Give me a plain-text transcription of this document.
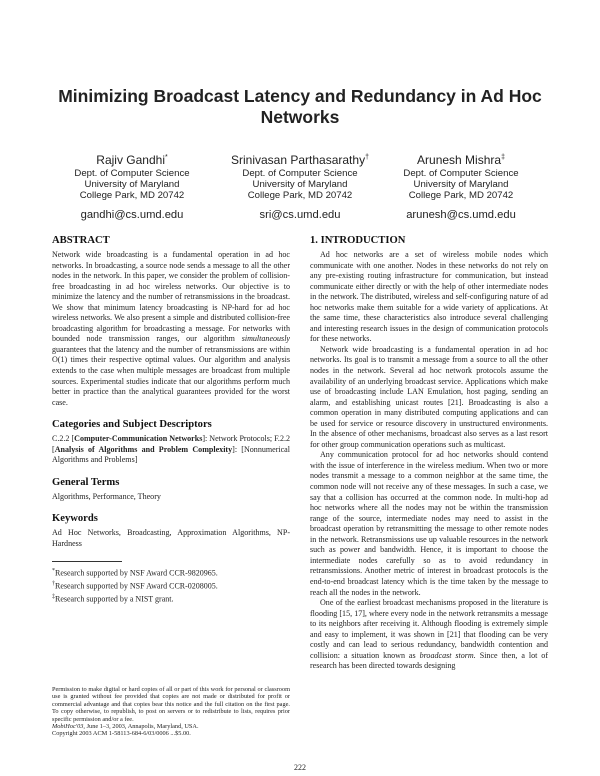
Minimizing Broadcast Latency and Redundancy in Ad Hoc Networks
Rajiv Gandhi*
Dept. of Computer Science
University of Maryland
College Park, MD 20742
gandhi@cs.umd.edu
Srinivasan Parthasarathy†
Dept. of Computer Science
University of Maryland
College Park, MD 20742
sri@cs.umd.edu
Arunesh Mishra‡
Dept. of Computer Science
University of Maryland
College Park, MD 20742
arunesh@cs.umd.edu
ABSTRACT

Network wide broadcasting is a fundamental operation in ad hoc networks. In broadcasting, a source node sends a message to all the other nodes in the network. In this paper, we consider the problem of collision-free broadcasting in ad hoc wireless networks. Our objective is to minimize the latency and the number of retransmissions in the broadcast. We show that minimum latency broadcasting is NP-hard for ad hoc wireless networks. We also present a simple and distributed collision-free broadcasting algorithm for broadcasting a message. For networks with bounded node transmission ranges, our algorithm simultaneously guarantees that the latency and the number of retransmissions are within O(1) times their respective optimal values. Our algorithm and analysis extends to the case when multiple messages are broadcast from multiple sources. Experimental studies indicate that our algorithms perform much better in practice than the analytical guarantees provided for the worst case.

Categories and Subject Descriptors

C.2.2 [Computer-Communication Networks]: Network Protocols; F.2.2 [Analysis of Algorithms and Problem Complexity]: [Nonnumerical Algorithms and Problems]

General Terms

Algorithms, Performance, Theory

Keywords

Ad Hoc Networks, Broadcasting, Approximation Algorithms, NP-Hardness

*Research supported by NSF Award CCR-9820965.
†Research supported by NSF Award CCR-0208005.
‡Research supported by a NIST grant.
Permission to make digital or hard copies of all or part of this work for personal or classroom use is granted without fee provided that copies are not made or distributed for profit or commercial advantage and that copies bear this notice and the full citation on the first page. To copy otherwise, to republish, to post on servers or to redistribute to lists, requires prior specific permission and/or a fee.
MobiHoc'03, June 1–3, 2003, Annapolis, Maryland, USA.
Copyright 2003 ACM 1-58113-684-6/03/0006 ...$5.00.
1. INTRODUCTION

Ad hoc networks are a set of wireless mobile nodes which communicate with one another. Nodes in these networks do not rely on any pre-existing routing infrastructure for communication, but instead communicate either directly or with the help of other intermediate nodes in the network. The distributed, wireless and self-configuring nature of ad hoc networks make them suitable for a wide variety of applications. At the same time, these characteristics also introduce several challenging and interesting research issues in the design of communication protocols for these networks.

Network wide broadcasting is a fundamental operation in ad hoc networks. Its goal is to transmit a message from a source to all the other nodes in the network. Several ad hoc network protocols assume the availability of an underlying broadcast service. Applications which make use of broadcasting include LAN Emulation, host paging, sending an alarm, and establishing unicast routes [21]. Broadcasting is also a common operation in many distributed computing applications and can be used for service or resource discovery in unstructured environments. In the absence of other mechanisms, broadcast also serves as a last resort for other group communication operations such as multicast.

Any communication protocol for ad hoc networks should contend with the issue of interference in the wireless medium. When two or more nodes transmit a message to a common neighbor at the same time, the common node will not receive any of these messages. In such a case, we say that a collision has occurred at the common node. In multi-hop ad hoc networks where all the nodes may not be within the transmission range of the source, intermediate nodes may need to assist in the broadcast operation by retransmitting the message to other remote nodes in the network. Retransmissions use up valuable resources in the network such as power and bandwidth. Hence, it is important to choose the intermediate nodes carefully so as to avoid redundancy in retransmissions. Another metric of interest in broadcast protocols is the end-to-end broadcast latency which is the time taken by the message to reach all the nodes in the network.

One of the earliest broadcast mechanisms proposed in the literature is flooding [15, 17], where every node in the network retransmits a message to its neighbors after receiving it. Although flooding is extremely simple and easy to implement, it was shown in [21] that flooding can be very costly and can lead to serious redundancy, bandwidth contention and collision: a situation known as broadcast storm. Since then, a lot of research has been directed towards designing

222
